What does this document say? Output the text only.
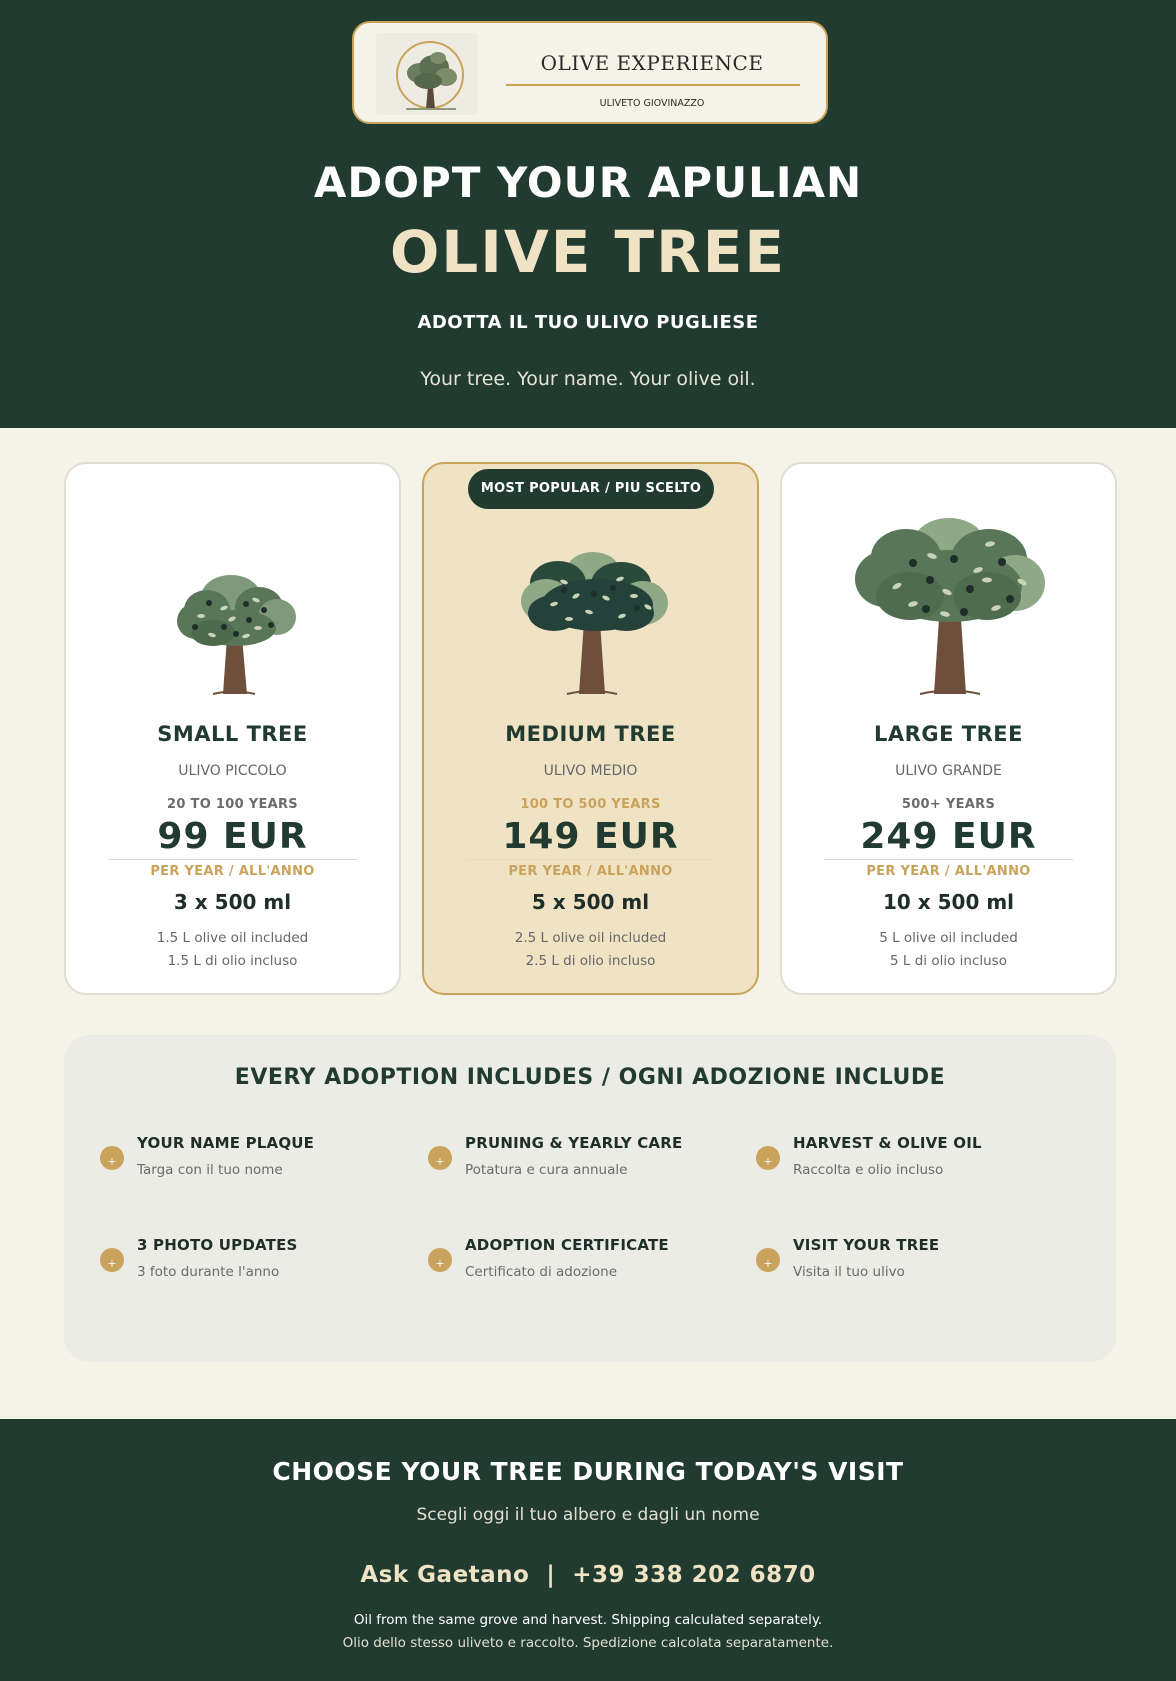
OLIVE EXPERIENCE
ULIVETO GIOVINAZZO
ADOPT YOUR APULIAN
OLIVE TREE
ADOTTA IL TUO ULIVO PUGLIESE
Your tree. Your name. Your olive oil.
SMALL TREE
ULIVO PICCOLO
20 TO 100 YEARS
99 EUR
PER YEAR / ALL'ANNO
3 x 500 ml
1.5 L olive oil included
1.5 L di olio incluso
MOST POPULAR / PIU SCELTO
MEDIUM TREE
ULIVO MEDIO
100 TO 500 YEARS
149 EUR
PER YEAR / ALL'ANNO
5 x 500 ml
2.5 L olive oil included
2.5 L di olio incluso
LARGE TREE
ULIVO GRANDE
500+ YEARS
249 EUR
PER YEAR / ALL'ANNO
10 x 500 ml
5 L olive oil included
5 L di olio incluso
EVERY ADOPTION INCLUDES / OGNI ADOZIONE INCLUDE
+
YOUR NAME PLAQUE
Targa con il tuo nome
+
PRUNING & YEARLY CARE
Potatura e cura annuale
+
HARVEST & OLIVE OIL
Raccolta e olio incluso
+
3 PHOTO UPDATES
3 foto durante l'anno
+
ADOPTION CERTIFICATE
Certificato di adozione
+
VISIT YOUR TREE
Visita il tuo ulivo
CHOOSE YOUR TREE DURING TODAY'S VISIT
Scegli oggi il tuo albero e dagli un nome
Ask Gaetano  |  +39 338 202 6870
Oil from the same grove and harvest. Shipping calculated separately.
Olio dello stesso uliveto e raccolto. Spedizione calcolata separatamente.
